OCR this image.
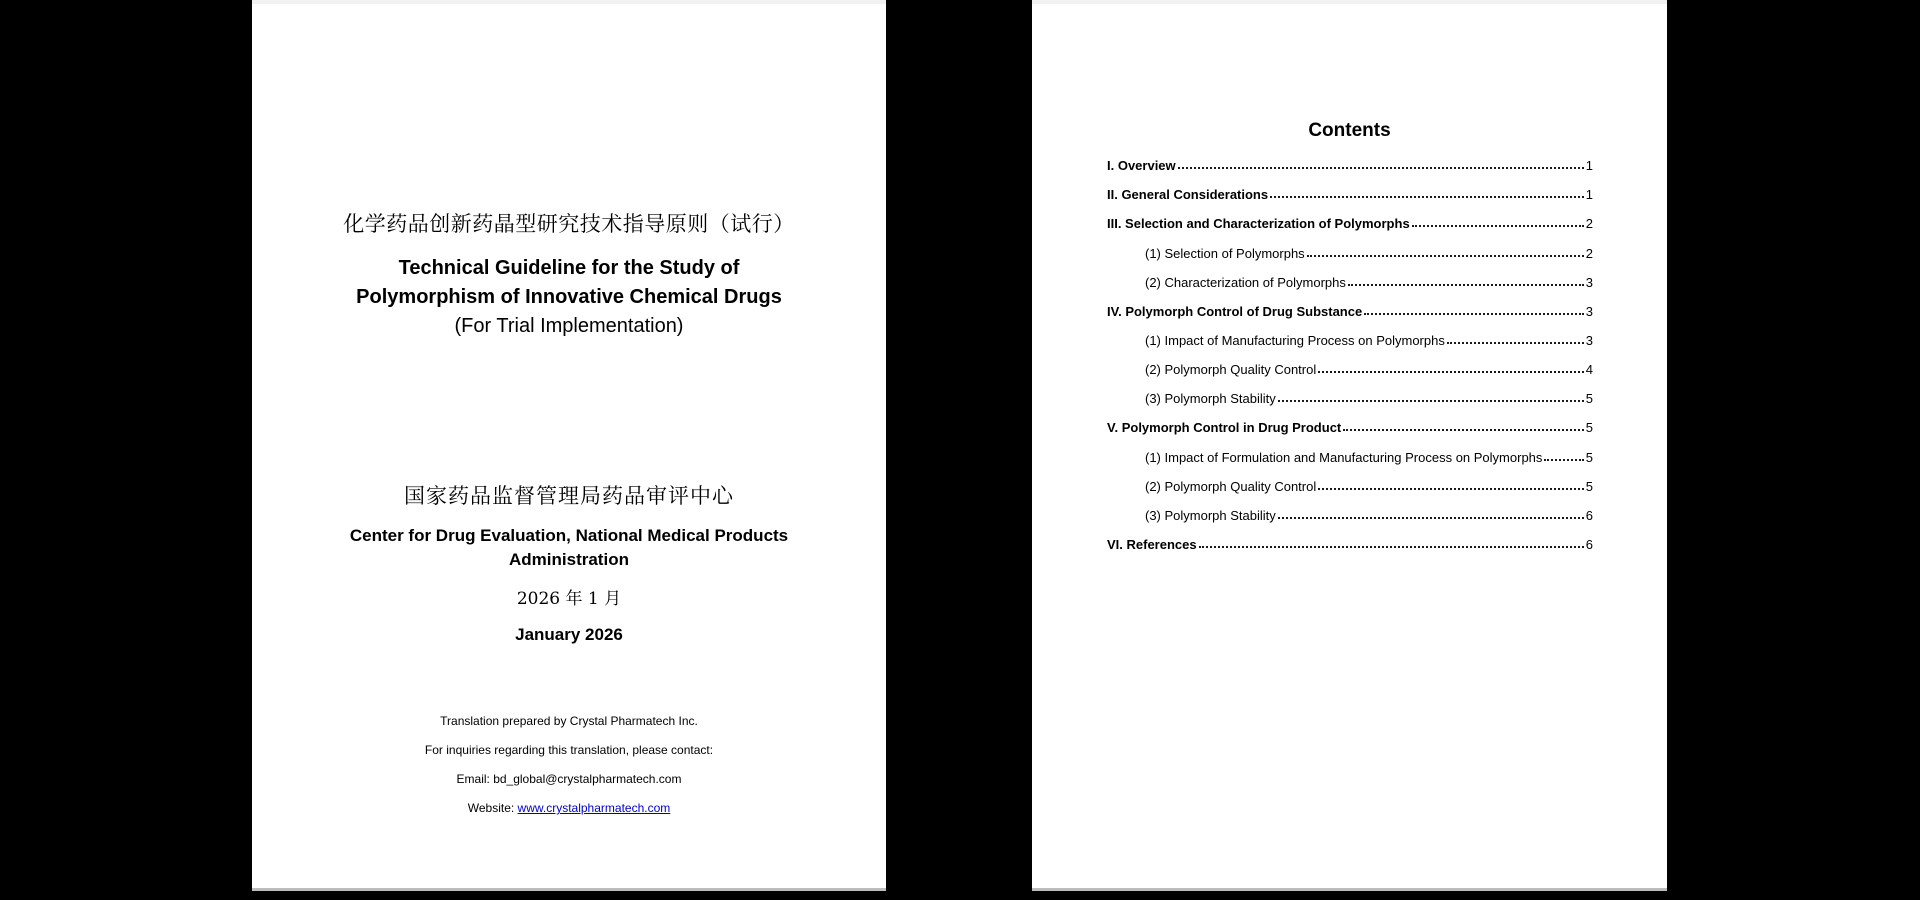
化学药品创新药晶型研究技术指导原则（试行）
Technical Guideline for the Study of
Polymorphism of Innovative Chemical Drugs
(For Trial Implementation)
国家药品监督管理局药品审评中心
Center for Drug Evaluation, National Medical Products
Administration
2026 年 1 月
January 2026
Translation prepared by Crystal Pharmatech Inc.
For inquiries regarding this translation, please contact:
Email: bd_global@crystalpharmatech.com
Website: www.crystalpharmatech.com
Contents
I. Overview	1
II. General Considerations	1
III. Selection and Characterization of Polymorphs	2
(1) Selection of Polymorphs	2
(2) Characterization of Polymorphs	3
IV. Polymorph Control of Drug Substance	3
(1) Impact of Manufacturing Process on Polymorphs	3
(2) Polymorph Quality Control	4
(3) Polymorph Stability	5
V. Polymorph Control in Drug Product	5
(1) Impact of Formulation and Manufacturing Process on Polymorphs	5
(2) Polymorph Quality Control	5
(3) Polymorph Stability	6
VI. References	6
